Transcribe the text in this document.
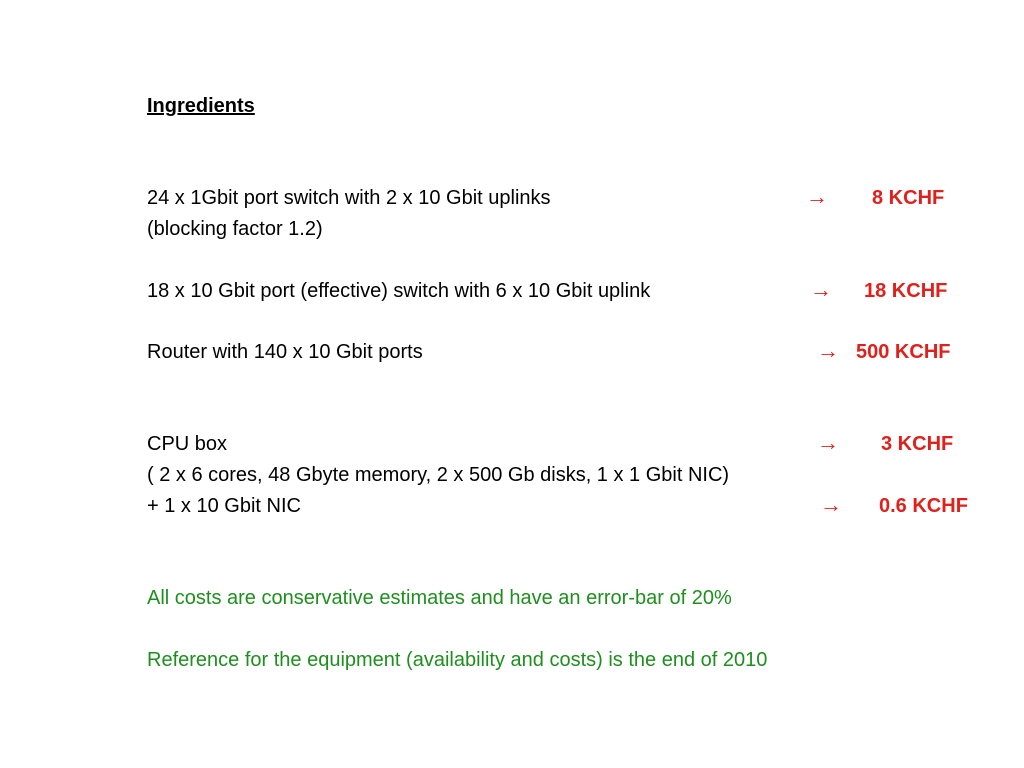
Ingredients
24 x 1Gbit port switch with 2 x 10 Gbit uplinks	→ 8 KCHF
(blocking factor 1.2)
18 x 10 Gbit port (effective) switch with 6 x 10 Gbit uplink	→ 18 KCHF
Router with 140 x 10 Gbit ports	→ 500 KCHF
CPU box	→ 3 KCHF
( 2 x 6 cores, 48 Gbyte memory, 2 x 500 Gb disks, 1 x 1 Gbit NIC)
+ 1 x 10 Gbit NIC	→ 0.6 KCHF
All costs are conservative estimates and have an error-bar of 20%
Reference for the equipment (availability and costs) is the end of 2010
